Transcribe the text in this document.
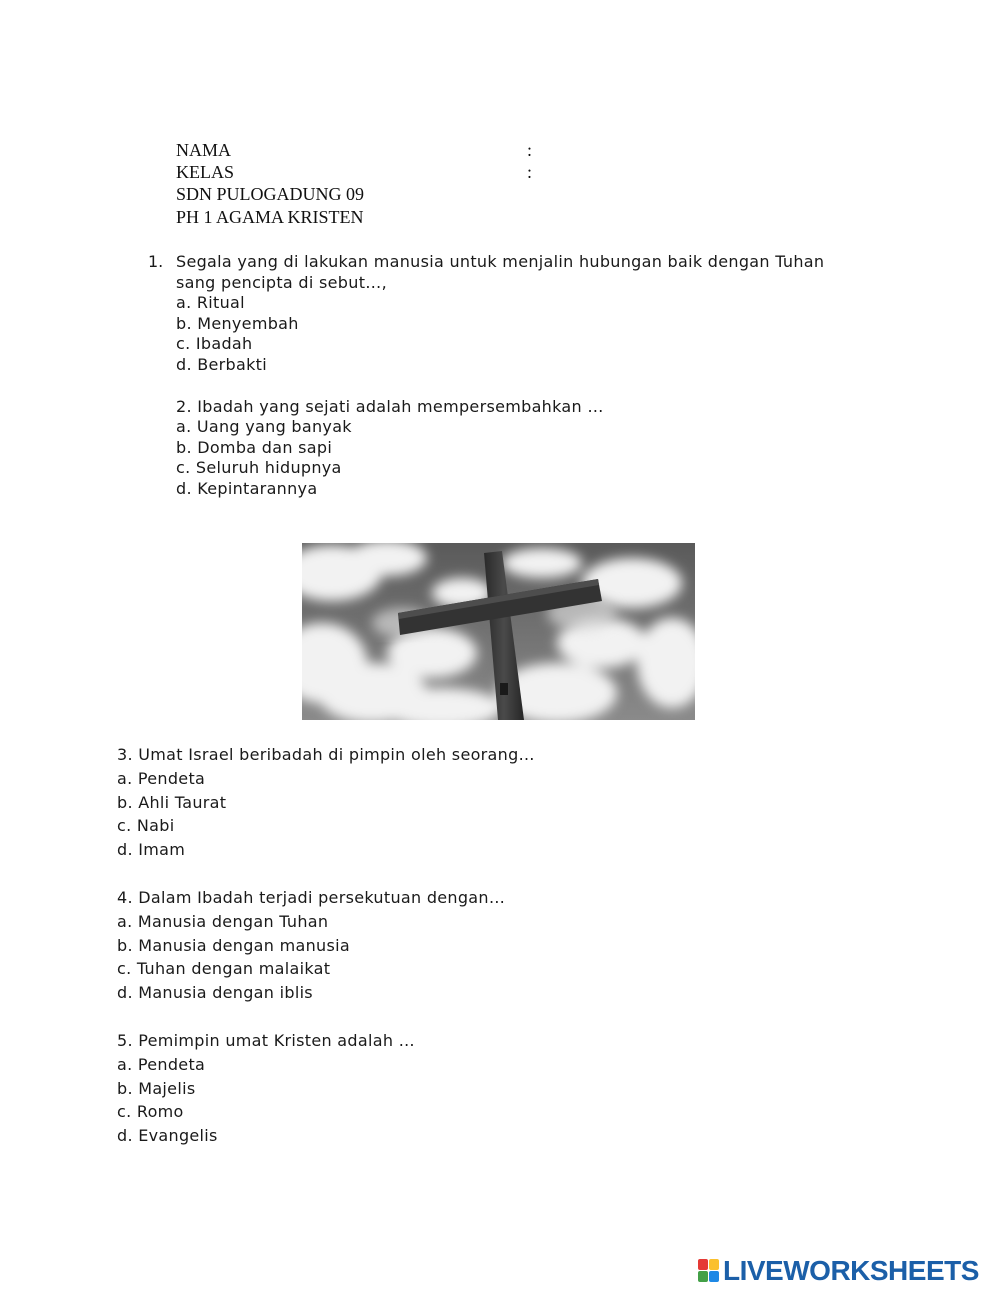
NAMA	:
KELAS	:
SDN PULOGADUNG 09
PH 1 AGAMA KRISTEN
1. Segala yang di lakukan manusia untuk menjalin hubungan baik dengan Tuhan
sang pencipta di sebut…,
a. Ritual
b. Menyembah
c. Ibadah
d. Berbakti
2. Ibadah yang sejati adalah mempersembahkan …
a. Uang yang banyak
b. Domba dan sapi
c. Seluruh hidupnya
d. Kepintarannya
3. Umat Israel beribadah di pimpin oleh seorang…
a. Pendeta
b. Ahli Taurat
c. Nabi
d. Imam
4. Dalam Ibadah terjadi persekutuan dengan…
a. Manusia dengan Tuhan
b. Manusia dengan manusia
c. Tuhan dengan malaikat
d. Manusia dengan iblis
5. Pemimpin umat Kristen adalah …
a. Pendeta
b. Majelis
c. Romo
d. Evangelis
LIVEWORKSHEETS
